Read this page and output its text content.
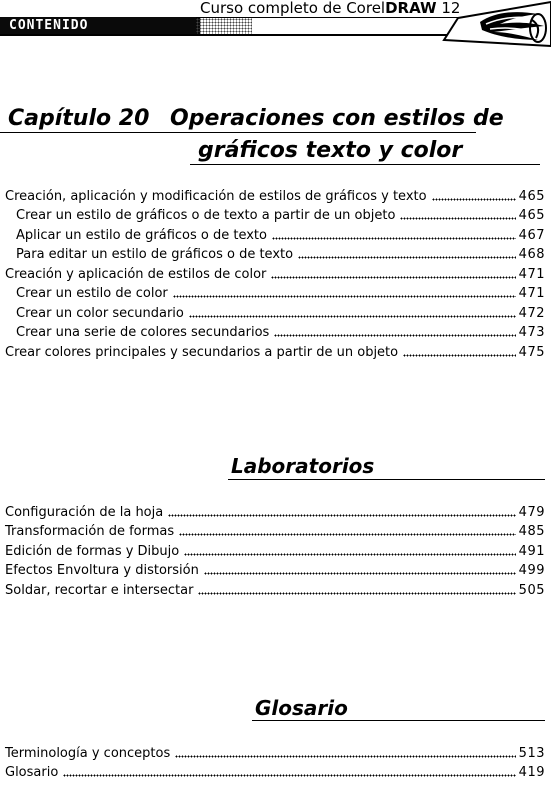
CONTENIDO
Curso completo de CorelDRAW 12
Capítulo 20 Operaciones con estilos de
gráficos texto y color
Creación, aplicación y modificación de estilos de gráficos y texto	465
Crear un estilo de gráficos o de texto a partir de un objeto	465
Aplicar un estilo de gráficos o de texto	467
Para editar un estilo de gráficos o de texto	468
Creación y aplicación de estilos de color	471
Crear un estilo de color	471
Crear un color secundario	472
Crear una serie de colores secundarios	473
Crear colores principales y secundarios a partir de un objeto	475
Laboratorios
Configuración de la hoja	479
Transformación de formas	485
Edición de formas y Dibujo	491
Efectos Envoltura y distorsión	499
Soldar, recortar e intersectar	505
Glosario
Terminología y conceptos	513
Glosario	419
